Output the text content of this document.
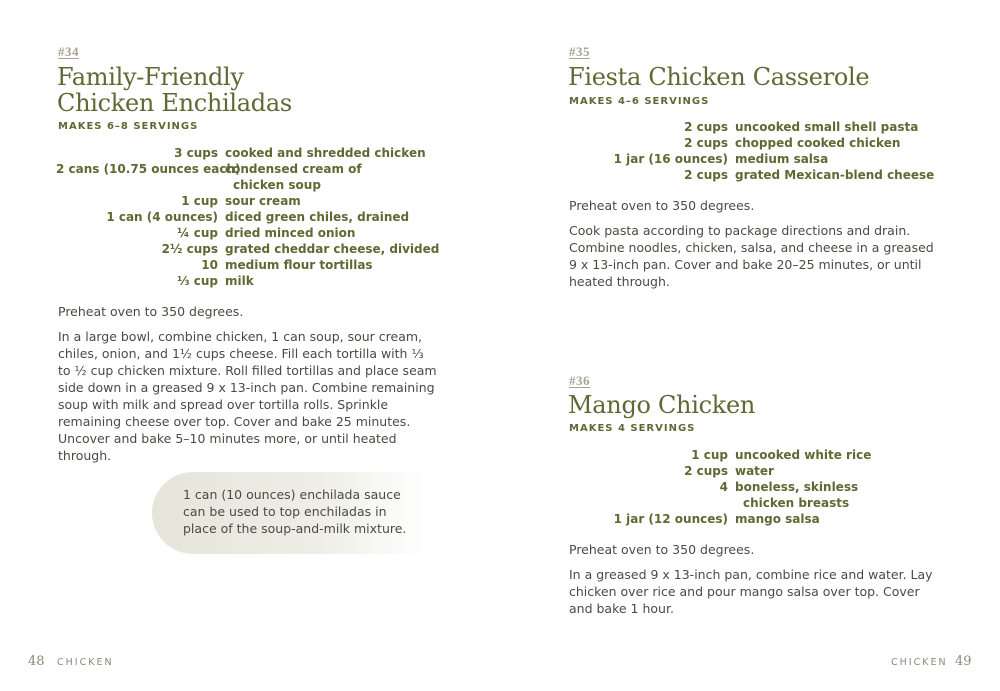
#34
Family-Friendly
Chicken Enchiladas
MAKES 6–8 SERVINGS
3 cups cooked and shredded chicken
2 cans (10.75 ounces each)
condensed cream of
chicken soup
1 cup sour cream
1 can (4 ounces) diced green chiles, drained
¼ cup dried minced onion
2½ cups grated cheddar cheese, divided
10 medium flour tortillas
⅓ cup milk

Preheat oven to 350 degrees.

In a large bowl, combine chicken, 1 can soup, sour cream, chiles, onion, and 1½ cups cheese. Fill each tortilla with ⅓ to ½ cup chicken mixture. Roll filled tortillas and place seam side down in a greased 9 x 13-inch pan. Combine remaining soup with milk and spread over tortilla rolls. Sprinkle remaining cheese over top. Cover and bake 25 minutes. Uncover and bake 5–10 minutes more, or until heated through.

1 can (10 ounces) enchilada sauce can be used to top enchiladas in place of the soup-and-milk mixture.

48 CHICKEN
#35
Fiesta Chicken Casserole
MAKES 4–6 SERVINGS
2 cups uncooked small shell pasta
2 cups chopped cooked chicken
1 jar (16 ounces) medium salsa
2 cups grated Mexican-blend cheese

Preheat oven to 350 degrees.

Cook pasta according to package directions and drain. Combine noodles, chicken, salsa, and cheese in a greased 9 x 13-inch pan. Cover and bake 20–25 minutes, or until heated through.

#36
Mango Chicken
MAKES 4 SERVINGS
1 cup uncooked white rice
2 cups water
4 boneless, skinless
chicken breasts
1 jar (12 ounces) mango salsa

Preheat oven to 350 degrees.

In a greased 9 x 13-inch pan, combine rice and water. Lay chicken over rice and pour mango salsa over top. Cover and bake 1 hour.

CHICKEN 49
